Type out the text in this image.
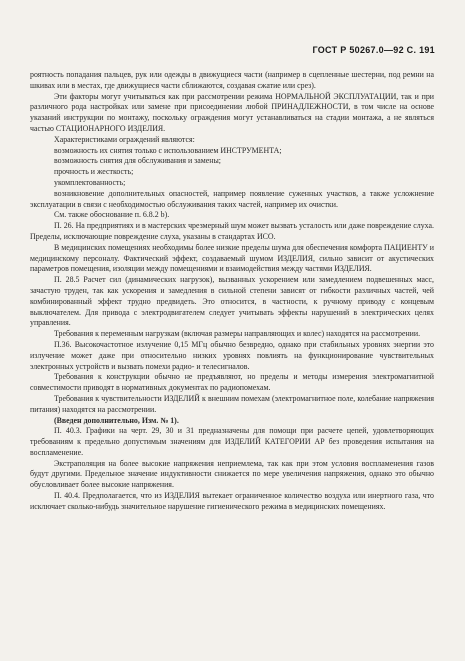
ГОСТ Р 50267.0—92 С. 191

роятность попадания пальцев, рук или одежды в движущиеся части (например в сцепленные шестерни, под ремни на шкивах или в местах, где движущиеся части сближаются, создавая сжатие или срез).

Эти факторы могут учитываться как при рассмотрении режима НОРМАЛЬНОЙ ЭКСПЛУАТАЦИИ, так и при различного рода настройках или замене при присоединении любой ПРИНАДЛЕЖНОСТИ, в том числе на основе указаний инструкции по монтажу, поскольку ограждения могут устанавливаться на стадии монтажа, а не являться частью СТАЦИОНАРНОГО ИЗДЕЛИЯ.

Характеристиками ограждений являются:

возможность их снятия только с использованием ИНСТРУМЕНТА;

возможность снятия для обслуживания и замены;

прочность и жесткость;

укомплектованность;

возникновение дополнительных опасностей, например появление суженных участков, а также усложнение эксплуатации в связи с необходимостью обслуживания таких частей, например их очистки.

См. также обоснование п. 6.8.2 b).

П. 26. На предприятиях и в мастерских чрезмерный шум может вызвать усталость или даже повреждение слуха. Пределы, исключающие повреждение слуха, указаны в стандартах ИСО.

В медицинских помещениях необходимы более низкие пределы шума для обеспечения комфорта ПАЦИЕНТУ и медицинскому персоналу. Фактический эффект, создаваемый шумом ИЗДЕЛИЯ, сильно зависит от акустических параметров помещения, изоляции между помещениями и взаимодействия между частями ИЗДЕЛИЯ.

П. 28.5 Расчет сил (динамических нагрузок), вызванных ускорением или замедлением подвешенных масс, зачастую труден, так как ускорения и замедления в сильной степени зависят от гибкости различных частей, чей комбинированный эффект трудно предвидеть. Это относится, в частности, к ручному приводу с концевым выключателем. Для привода с электродвигателем следует учитывать эффекты нарушений в электрических целях управления.

Требования к переменным нагрузкам (включая размеры направляющих и колес) находятся на рассмотрении.

П.36. Высокочастотное излучение 0,15 МГц обычно безвредно, однако при стабильных уровнях энергии это излучение может даже при относительно низких уровнях повлиять на функционирование чувствительных электронных устройств и вызвать помехи радио- и телесигналов.

Требования к конструкции обычно не предъявляют, но пределы и методы измерения электромагнитной совместимости приводят в нормативных документах по радиопомехам.

Требования к чувствительности ИЗДЕЛИЙ к внешним помехам (электромагнитное поле, колебание напряжения питания) находятся на рассмотрении.

(Введен дополнительно, Изм. № 1).

П. 40.3. Графики на черт. 29, 30 и 31 предназначены для помощи при расчете цепей, удовлетворяющих требованиям к предельно допустимым значениям для ИЗДЕЛИЙ КАТЕГОРИИ АР без проведения испытания на воспламенение.

Экстраполяция на более высокие напряжения неприемлема, так как при этом условия воспламенения газов будут другими. Предельное значение индуктивности снижается по мере увеличения напряжения, однако это обычно обусловливает более высокие напряжения.

П. 40.4. Предполагается, что из ИЗДЕЛИЯ вытекает ограниченное количество воздуха или инертного газа, что исключает сколько-нибудь значительное нарушение гигиенического режима в медицинских помещениях.
